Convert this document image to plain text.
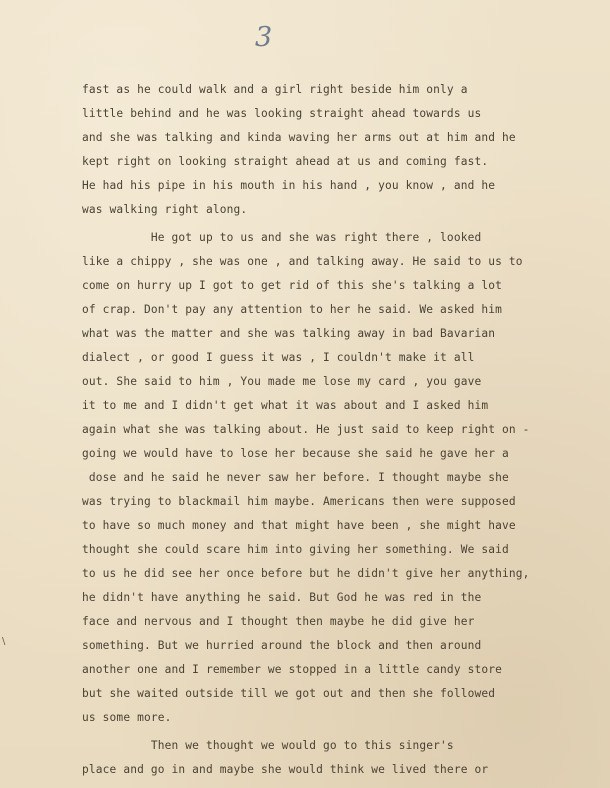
3
fast as he could walk and a girl right beside him only a
little behind and he was looking straight ahead towards us
and she was talking and kinda waving her arms out at him and he
kept right on looking straight ahead at us and coming fast.
He had his pipe in his mouth in his hand , you know , and he
was walking right along.
He got up to us and she was right there , looked
like a chippy , she was one , and talking away. He said to us to
come on hurry up I got to get rid of this she's talking a lot
of crap. Don't pay any attention to her he said. We asked him
what was the matter and she was talking away in bad Bavarian
dialect , or good I guess it was , I couldn't make it all
out. She said to him , You made me lose my card , you gave
it to me and I didn't get what it was about and I asked him
again what she was talking about. He just said to keep right on -
going we would have to lose her because she said he gave her a
dose and he said he never saw her before. I thought maybe she
was trying to blackmail him maybe. Americans then were supposed
to have so much money and that might have been , she might have
thought she could scare him into giving her something. We said
to us he did see her once before but he didn't give her anything,
he didn't have anything he said. But God he was red in the
face and nervous and I thought then maybe he did give her
something. But we hurried around the block and then around
another one and I remember we stopped in a little candy store
but she waited outside till we got out and then she followed
us some more.
Then we thought we would go to this singer's
place and go in and maybe she would think we lived there or
\
